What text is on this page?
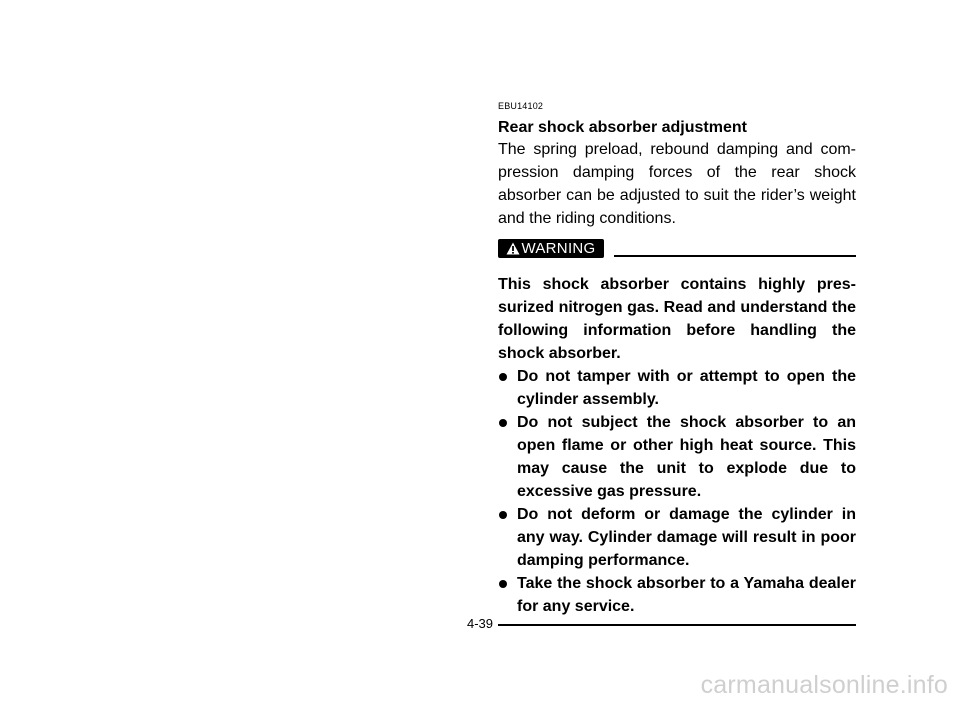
EBU14102
Rear shock absorber adjustment

The spring preload, rebound damping and com-pression damping forces of the rear shock absorber can be adjusted to suit the rider’s weight and the riding conditions.

WARNING

This shock absorber contains highly pres-surized nitrogen gas. Read and understand the following information before handling the shock absorber.

Do not tamper with or attempt to open the cylinder assembly.
Do not subject the shock absorber to an open flame or other high heat source. This may cause the unit to explode due to excessive gas pressure.
Do not deform or damage the cylinder in any way. Cylinder damage will result in poor damping performance.
Take the shock absorber to a Yamaha dealer for any service.
4-39
carmanualsonline.info
